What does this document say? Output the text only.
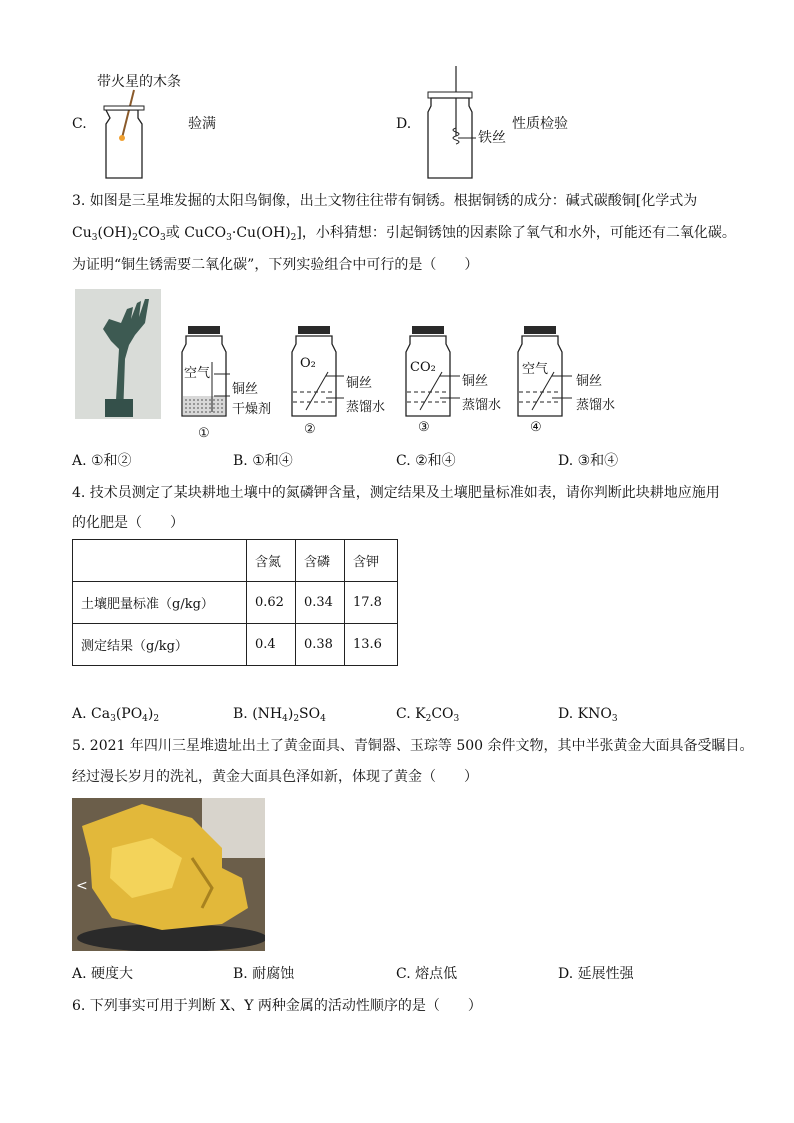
C.
带火星的木条
验满	D.
铁丝
性质检验
3. 如图是三星堆发掘的太阳鸟铜像，出土文物往往带有铜锈。根据铜锈的成分：碱式碳酸铜[化学式为
$Cu_3(OH)_2CO_3$或 $CuCO_3\cdot Cu(OH)_2$]，小科猜想：引起铜锈蚀的因素除了氧气和水外，可能还有二氧化碳。
为证明“铜生锈需要二氧化碳”，下列实验组合中可行的是（　　）
空气
铜丝
干燥剂
①
O₂
铜丝
蒸馏水
②
CO₂
铜丝
蒸馏水
③
空气
铜丝
蒸馏水
④
A. ①和②	B. ①和④	C. ②和④	D. ③和④
4. 技术员测定了某块耕地土壤中的氮磷钾含量，测定结果及土壤肥量标准如表，请你判断此块耕地应施用
的化肥是（　　）
	含氮	含磷	含钾
土壤肥量标准（g/kg）	0.62	0.34	17.8
测定结果（g/kg）	0.4	0.38	13.6
A. $Ca_3(PO_4)_2$	B. $(NH_4)_2SO_4$	C. $K_2CO_3$	D. $KNO_3$
5. 2021 年四川三星堆遗址出土了黄金面具、青铜器、玉琮等 500 余件文物，其中半张黄金大面具备受瞩目。
经过漫长岁月的洗礼，黄金大面具色泽如新，体现了黄金（　　）
<
A. 硬度大	B. 耐腐蚀	C. 熔点低	D. 延展性强
6. 下列事实可用于判断 X、Y 两种金属的活动性顺序的是（　　）
